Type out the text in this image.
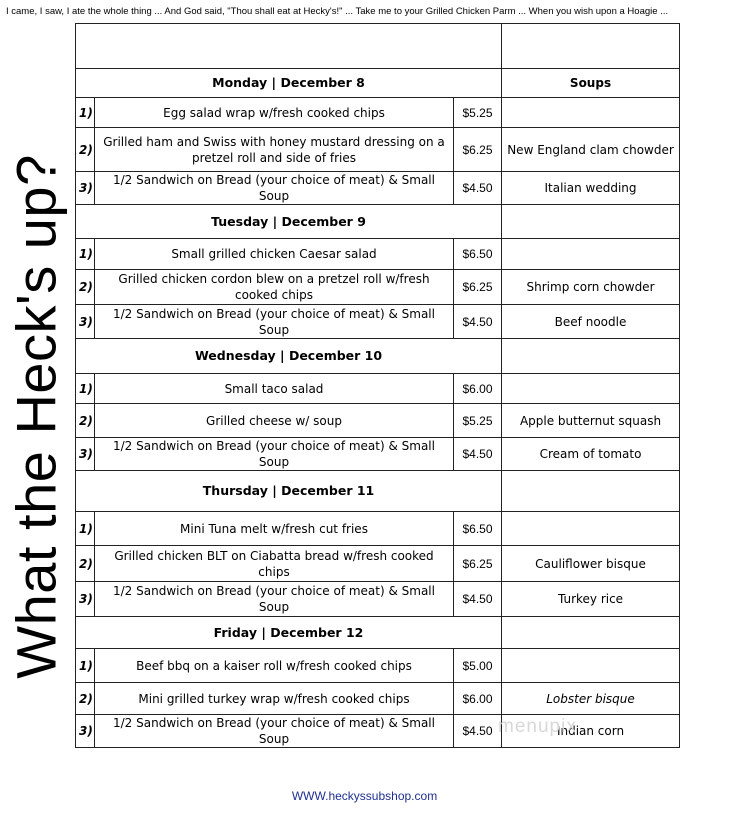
I came, I saw, I ate the whole thing ... And God said, "Thou shall eat at Hecky's!" ... Take me to your Grilled Chicken Parm ... When you wish upon a Hoagie ...
What the Heck's up?

Monday | December 8			Soups
1)	Egg salad wrap w/fresh cooked chips	$5.25	
2)	Grilled ham and Swiss with honey mustard dressing on a pretzel roll and side of fries	$6.25	New England clam chowder
3)	1/2 Sandwich on Bread (your choice of meat) & Small Soup	$4.50	Italian wedding
Tuesday | December 9			
1)	Small grilled chicken Caesar salad	$6.50	
2)	Grilled chicken cordon blew on a pretzel roll w/fresh cooked chips	$6.25	Shrimp corn chowder
3)	1/2 Sandwich on Bread (your choice of meat) & Small Soup	$4.50	Beef noodle
Wednesday | December 10			
1)	Small taco salad	$6.00	
2)	Grilled cheese w/ soup	$5.25	Apple butternut squash
3)	1/2 Sandwich on Bread (your choice of meat) & Small Soup	$4.50	Cream of tomato
Thursday | December 11			
1)	Mini Tuna melt w/fresh cut fries	$6.50	
2)	Grilled chicken BLT on Ciabatta bread w/fresh cooked chips	$6.25	Cauliflower bisque
3)	1/2 Sandwich on Bread (your choice of meat) & Small Soup	$4.50	Turkey rice
Friday | December 12			
1)	Beef bbq on a kaiser roll w/fresh cooked chips	$5.00	
2)	Mini grilled turkey wrap w/fresh cooked chips	$6.00	Lobster bisque
3)	1/2 Sandwich on Bread (your choice of meat) & Small Soup	$4.50	Indian corn
WWW.heckyssubshop.com
menupix
